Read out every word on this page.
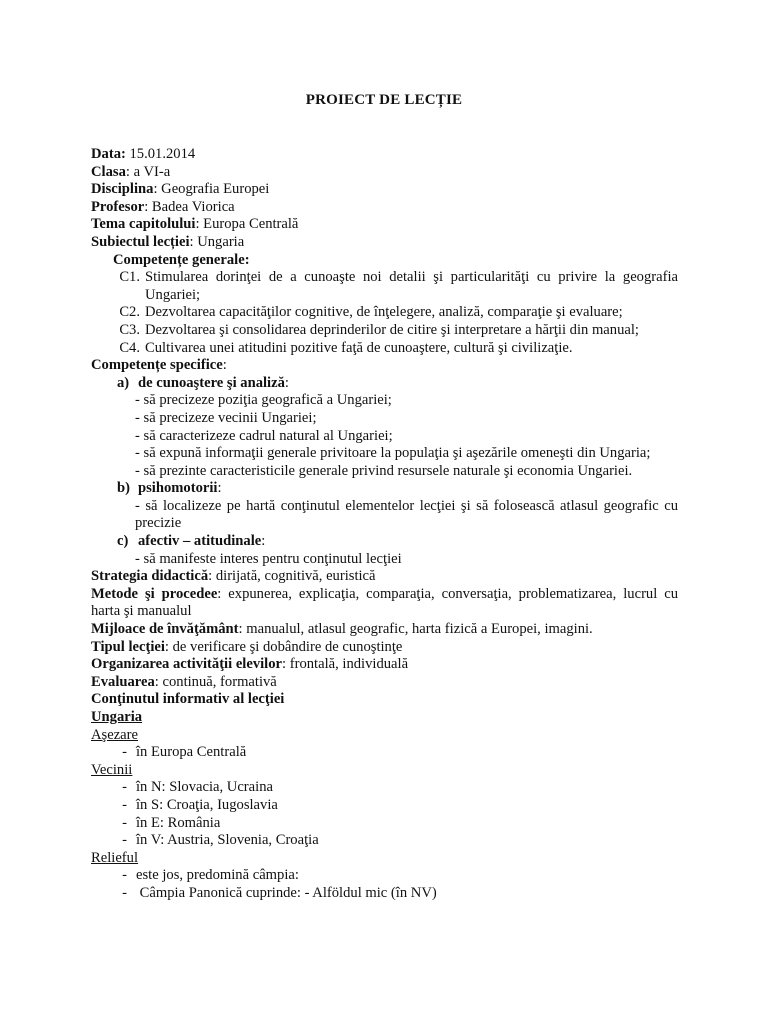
PROIECT DE LECȚIE
Data: 15.01.2014
Clasa: a VI-a
Disciplina: Geografia Europei
Profesor: Badea Viorica
Tema capitolului: Europa Centrală
Subiectul lecției: Ungaria
Competențe generale:
C1. Stimularea dorinţei de a cunoaşte noi detalii şi particularităţi cu privire la geografia Ungariei;
C2. Dezvoltarea capacităţilor cognitive, de înţelegere, analiză, comparaţie şi evaluare;
C3. Dezvoltarea şi consolidarea deprinderilor de citire şi interpretare a hărţii din manual;
C4. Cultivarea unei atitudini pozitive faţă de cunoaştere, cultură şi civilizaţie.
Competențe specifice:
a) de cunoaştere şi analiză:
- să precizeze poziţia geografică a Ungariei;
- să precizeze vecinii Ungariei;
- să caracterizeze cadrul natural al Ungariei;
- să expună informaţii generale privitoare la populaţia şi aşezările omeneşti din Ungaria;
- să prezinte caracteristicile generale privind resursele naturale şi economia Ungariei.
b) psihomotorii:
- să localizeze pe hartă conţinutul elementelor lecţiei şi să folosească atlasul geografic cu precizie
c) afectiv – atitudinale:
- să manifeste interes pentru conţinutul lecţiei
Strategia didactică: dirijată, cognitivă, euristică
Metode şi procedee: expunerea, explicaţia, comparaţia, conversaţia, problematizarea, lucrul cu harta şi manualul
Mijloace de învăţământ: manualul, atlasul geografic, harta fizică a Europei, imagini.
Tipul lecţiei: de verificare şi dobândire de cunoştinţe
Organizarea activităţii elevilor: frontală, individuală
Evaluarea: continuă, formativă
Conţinutul informativ al lecţiei
Ungaria
Aşezare
- în Europa Centrală
Vecinii
- în N: Slovacia, Ucraina
- în S: Croaţia, Iugoslavia
- în E: România
- în V: Austria, Slovenia, Croaţia
Relieful
- este jos, predomină câmpia:
- Câmpia Panonică cuprinde: - Alföldul mic (în NV)
